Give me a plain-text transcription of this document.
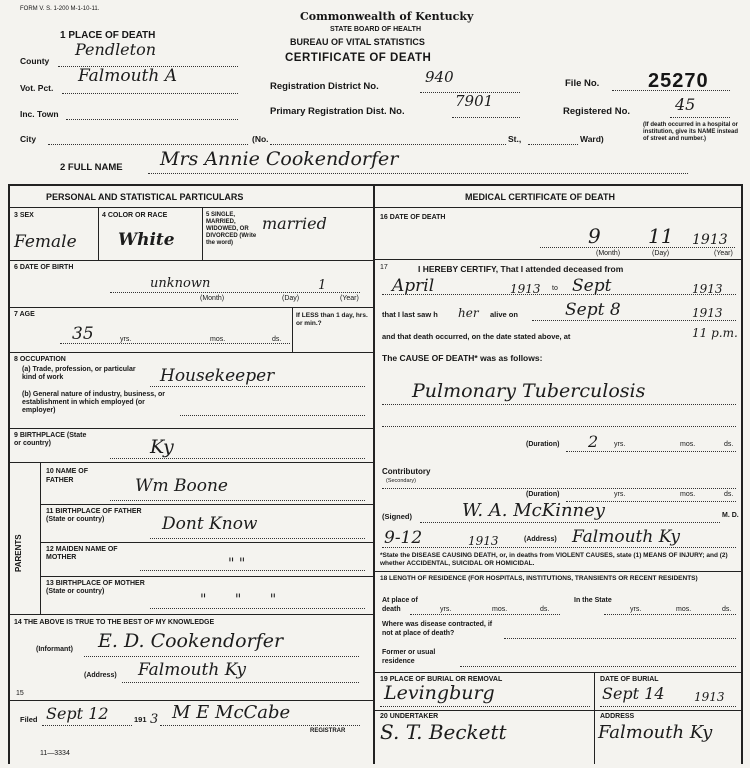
FORM V. S. 1-200 M-1-10-11.
1 PLACE OF DEATH
Commonwealth of Kentucky
STATE BOARD OF HEALTH
BUREAU OF VITAL STATISTICS
CERTIFICATE OF DEATH
County
Pendleton
Vot. Pct.
Falmouth A
Inc. Town
City	(No.	St.,	Ward)
(If death occurred in a hospital or institution, give its NAME instead of street and number.)
Registration District No.
940
Primary Registration Dist. No.
7901
File No. 25270
Registered No.	45
2 FULL NAME Mrs Annie Cookendorfer
PERSONAL AND STATISTICAL PARTICULARS	MEDICAL CERTIFICATE OF DEATH
3 SEX
Female
4 COLOR OR RACE
White
5 SINGLE, MARRIED, WIDOWED, OR DIVORCED (Write the word)
married
6 DATE OF BIRTH
unknown	1
(Month)	(Day)	(Year)
7 AGE
35	yrs.	mos.	ds.
If LESS than 1 day, hrs. or min.?
8 OCCUPATION
(a) Trade, profession, or particular kind of work	Housekeeper
(b) General nature of industry, business, or establishment in which employed (or employer)
9 BIRTHPLACE (State or country)	Ky
PARENTS
10 NAME OF FATHER	Wm Boone
11 BIRTHPLACE OF FATHER (State or country)	Dont Know
12 MAIDEN NAME OF MOTHER	" "
13 BIRTHPLACE OF MOTHER (State or country)
" " "
14 THE ABOVE IS TRUE TO THE BEST OF MY KNOWLEDGE
(Informant) E. D. Cookendorfer
(Address) Falmouth Ky
15
Filed Sept 12	191 3 M E McCabe
REGISTRAR
11—3334
16 DATE OF DEATH
9 11 1913
(Month)	(Day)	(Year)
17	I HEREBY CERTIFY, That I attended deceased from
April	1913 to Sept	1913
that I last saw h her alive on	Sept 8	1913
and that death occurred, on the date stated above, at	11 p.m.
The CAUSE OF DEATH* was as follows:
Pulmonary Tuberculosis
(Duration) 2 yrs.	mos.	ds.
Contributory
(Secondary)
(Duration)	yrs.	mos.	ds.
(Signed)	W. A. McKinney	M. D.
9-12	1913	(Address) Falmouth Ky
*State the DISEASE CAUSING DEATH, or, in deaths from VIOLENT CAUSES, state (1) MEANS OF INJURY; and (2) whether ACCIDENTAL, SUICIDAL OR HOMICIDAL.
18 LENGTH OF RESIDENCE (FOR HOSPITALS, INSTITUTIONS, TRANSIENTS OR RECENT RESIDENTS)
At place of death	yrs.	mos.	ds.
In the State
yrs.	mos.	ds.
Where was disease contracted, if not at place of death?
Former or usual residence
19 PLACE OF BURIAL OR REMOVAL
Levingburg
DATE OF BURIAL
Sept 14 1913
20 UNDERTAKER
S. T. Beckett
ADDRESS
Falmouth Ky
